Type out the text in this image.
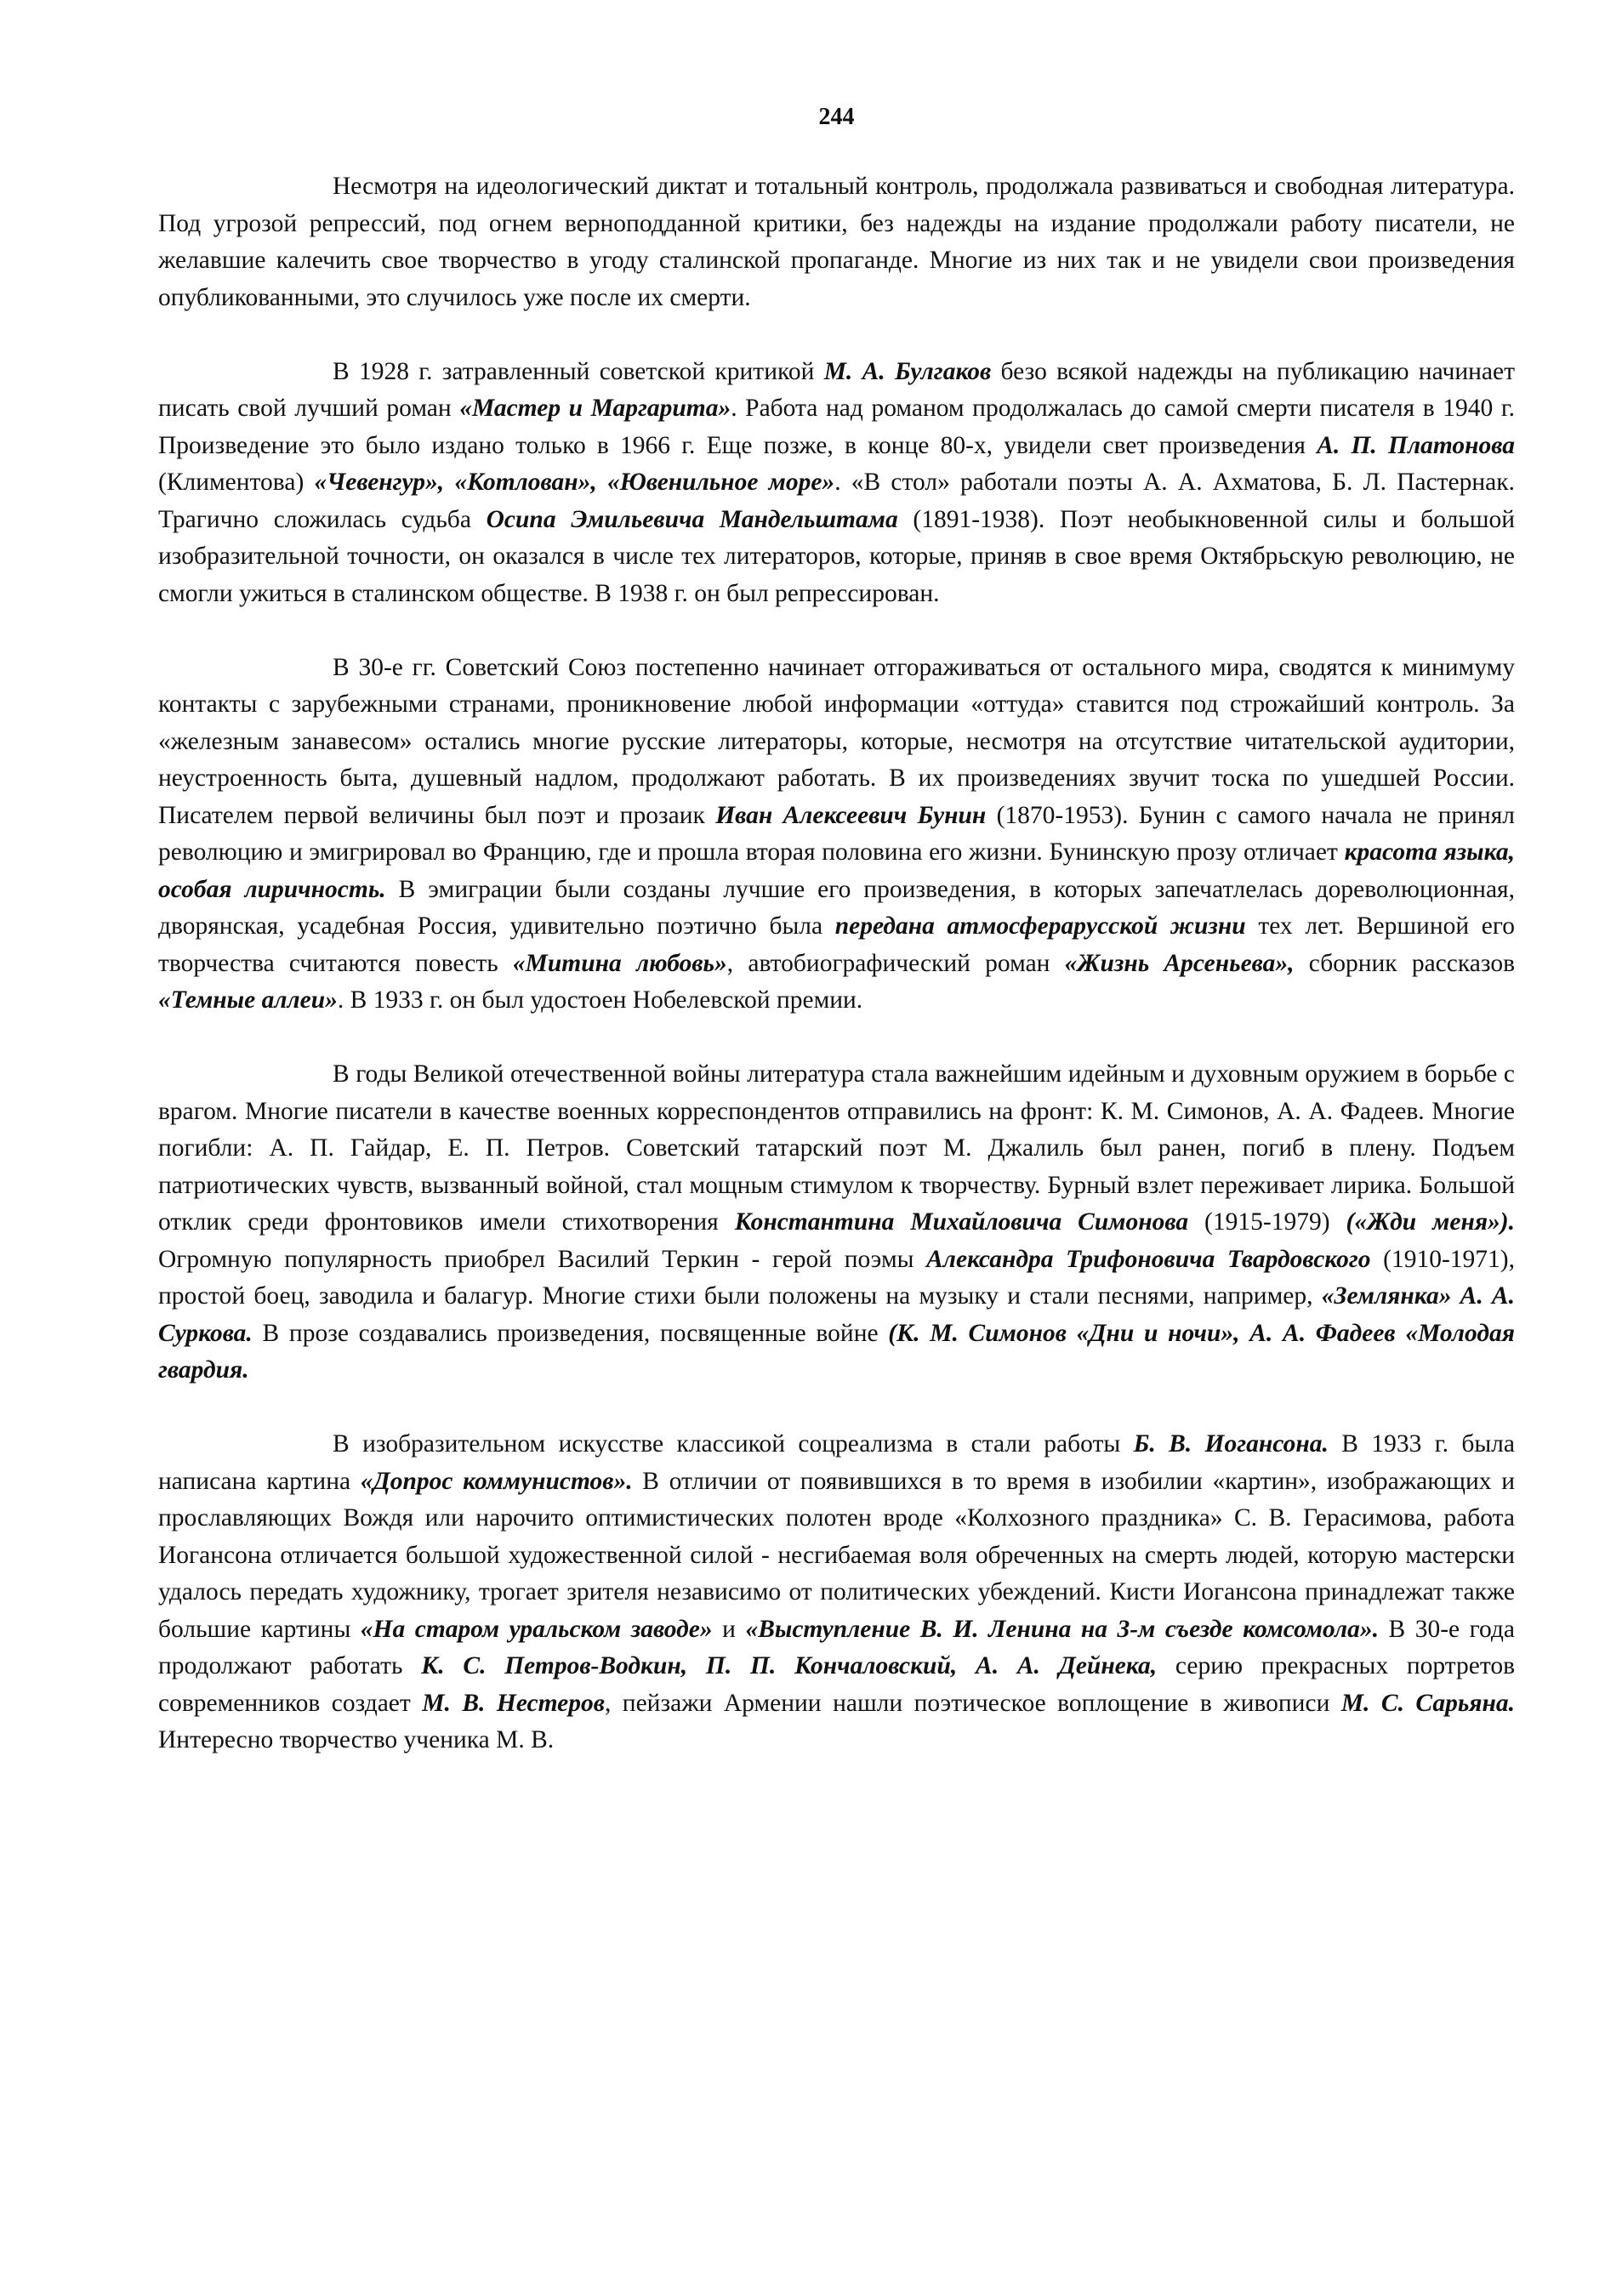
244

Несмотря на идеологический диктат и тотальный контроль, продолжала развиваться и свободная литература. Под угрозой репрессий, под огнем верноподданной критики, без надежды на издание продолжали работу писатели, не желавшие калечить свое творчество в угоду сталинской пропаганде. Многие из них так и не увидели свои произведения опубликованными, это случилось уже после их смерти.

В 1928 г. затравленный советской критикой М. А. Булгаков безо всякой надежды на публикацию начинает писать свой лучший роман «Мастер и Маргарита». Работа над романом продолжалась до самой смерти писателя в 1940 г. Произведение это было издано только в 1966 г. Еще позже, в конце 80-х, увидели свет произведения А. П. Платонова (Климентова) «Чевенгур», «Котлован», «Ювенильное море». «В стол» работали поэты А. А. Ахматова, Б. Л. Пастернак. Трагично сложилась судьба Осипа Эмильевича Мандельштама (1891-1938). Поэт необыкновенной силы и большой изобразительной точности, он оказался в числе тех литераторов, которые, приняв в свое время Октябрьскую революцию, не смогли ужиться в сталинском обществе. В 1938 г. он был репрессирован.

В 30-е гг. Советский Союз постепенно начинает отгораживаться от остального мира, сводятся к минимуму контакты с зарубежными странами, проникновение любой информации «оттуда» ставится под строжайший контроль. За «железным занавесом» остались многие русские литераторы, которые, несмотря на отсутствие читательской аудитории, неустроенность быта, душевный надлом, продолжают работать. В их произведениях звучит тоска по ушедшей России. Писателем первой величины был поэт и прозаик Иван Алексеевич Бунин (1870-1953). Бунин с самого начала не принял революцию и эмигрировал во Францию, где и прошла вторая половина его жизни. Бунинскую прозу отличает красота языка, особая лиричность. В эмиграции были созданы лучшие его произведения, в которых запечатлелась дореволюционная, дворянская, усадебная Россия, удивительно поэтично была передана атмосфераpусской жизни тех лет. Вершиной его творчества считаются повесть «Митина любовь», автобиографический роман «Жизнь Арсеньева», сборник рассказов «Темные аллеи». В 1933 г. он был удостоен Нобелевской премии.

В годы Великой отечественной войны литература стала важнейшим идейным и духовным оружием в борьбе с врагом. Многие писатели в качестве военных корреспондентов отправились на фронт: К. М. Симонов, А. А. Фадеев. Многие погибли: А. П. Гайдар, Е. П. Петров. Советский татарский поэт М. Джалиль был ранен, погиб в плену. Подъем патриотических чувств, вызванный войной, стал мощным стимулом к творчеству. Бурный взлет переживает лирика. Большой отклик среди фронтовиков имели стихотворения Константина Михайловича Симонова (1915-1979) («Жди меня»). Огромную популярность приобрел Василий Теркин - герой поэмы Александра Трифоновича Твардовского (1910-1971), простой боец, заводила и балагур. Многие стихи были положены на музыку и стали песнями, например, «Землянка» А. А. Суркова. В прозе создавались произведения, посвященные войне (К. М. Симонов «Дни и ночи», А. А. Фадеев «Молодая гвардия.

В изобразительном искусстве классикой соцреализма в стали работы Б. В. Иогансона. В 1933 г. была написана картина «Допрос коммунистов». В отличии от появившихся в то время в изобилии «картин», изображающих и прославляющих Вождя или нарочито оптимистических полотен вроде «Колхозного праздника» С. В. Герасимова, работа Иогансона отличается большой художественной силой - несгибаемая воля обреченных на смерть людей, которую мастерски удалось передать художнику, трогает зрителя независимо от политических убеждений. Кисти Иогансона принадлежат также большие картины «На старом уральском заводе» и «Выступление В. И. Ленина на 3-м съезде комсомола». В 30-е года продолжают работать К. С. Петров-Водкин, П. П. Кончаловский, А. А. Дейнека, серию прекрасных портретов современников создает М. В. Нестеров, пейзажи Армении нашли поэтическое воплощение в живописи М. С. Сарьяна. Интересно творчество ученика М. В.
